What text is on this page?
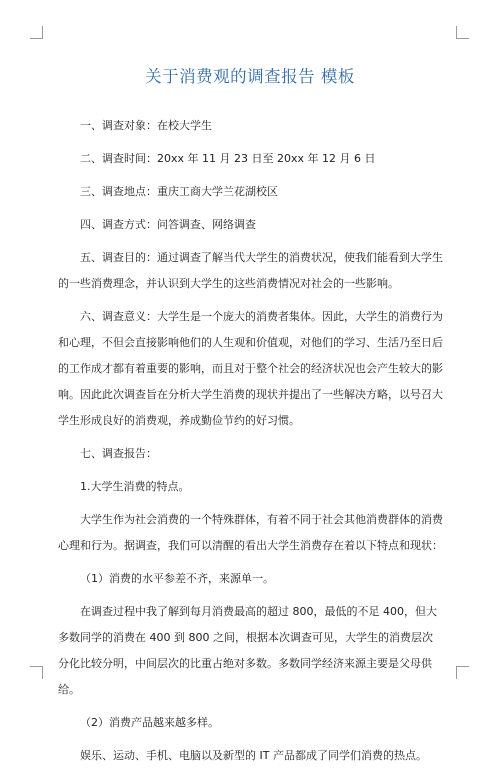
关于消费观的调查报告 模板

一、调查对象：在校大学生

二、调查时间：20xx 年 11 月 23 日至 20xx 年 12 月 6 日

三、调查地点：重庆工商大学兰花湖校区

四、调查方式：问答调查、网络调查

五、调查目的：通过调查了解当代大学生的消费状况，使我们能看到大学生的一些消费理念，并认识到大学生的这些消费情况对社会的一些影响。

六、调查意义：大学生是一个庞大的消费者集体。因此，大学生的消费行为和心理，不但会直接影响他们的人生观和价值观，对他们的学习、生活乃至日后的工作成才都有着重要的影响，而且对于整个社会的经济状况也会产生较大的影响。因此此次调查旨在分析大学生消费的现状并提出了一些解决方略，以号召大学生形成良好的消费观，养成勤俭节约的好习惯。

七、调查报告：

1.大学生消费的特点。

大学生作为社会消费的一个特殊群体，有着不同于社会其他消费群体的消费心理和行为。据调查，我们可以清醒的看出大学生消费存在着以下特点和现状：

（1）消费的水平参差不齐，来源单一。

在调查过程中我了解到每月消费最高的超过 800，最低的不足 400，但大多数同学的消费在 400 到 800 之间，根据本次调查可见，大学生的消费层次分化比较分明，中间层次的比重占绝对多数。多数同学经济来源主要是父母供给。

（2）消费产品越来越多样。

娱乐、运动、手机、电脑以及新型的 IT 产品都成了同学们消费的热点。
